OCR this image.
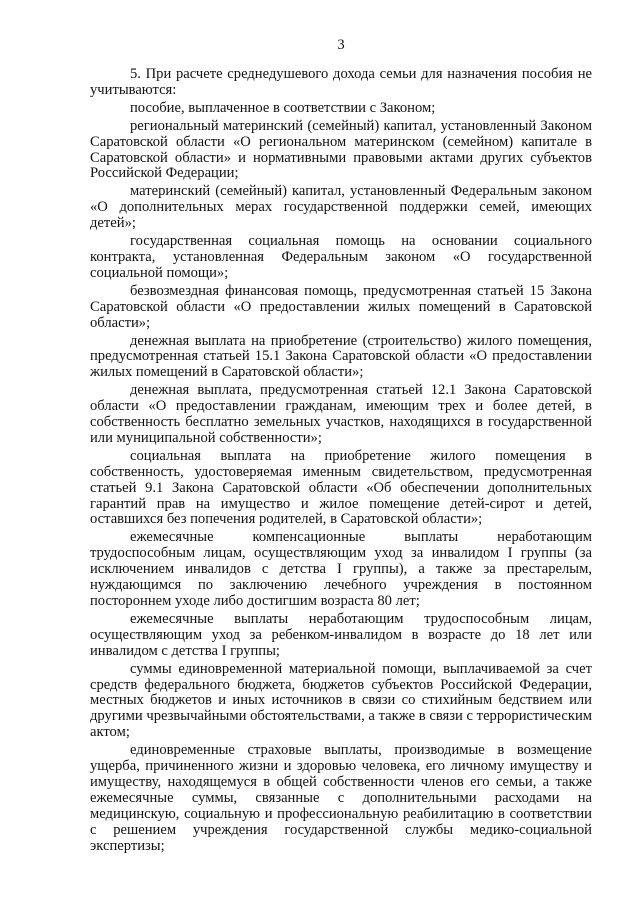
3

5. При расчете среднедушевого дохода семьи для назначения пособия не учитываются:

пособие, выплаченное в соответствии с Законом;

региональный материнский (семейный) капитал, установленный Законом Саратовской области «О региональном материнском (семейном) капитале в Саратовской области» и нормативными правовыми актами других субъектов Российской Федерации;

материнский (семейный) капитал, установленный Федеральным законом «О дополнительных мерах государственной поддержки семей, имеющих детей»;

государственная социальная помощь на основании социального контракта, установленная Федеральным законом «О государственной социальной помощи»;

безвозмездная финансовая помощь, предусмотренная статьей 15 Закона Саратовской области «О предоставлении жилых помещений в Саратовской области»;

денежная выплата на приобретение (строительство) жилого помещения, предусмотренная статьей 15.1 Закона Саратовской области «О предоставлении жилых помещений в Саратовской области»;

денежная выплата, предусмотренная статьей 12.1 Закона Саратовской области «О предоставлении гражданам, имеющим трех и более детей, в собственность бесплатно земельных участков, находящихся в государственной или муниципальной собственности»;

социальная выплата на приобретение жилого помещения в собственность, удостоверяемая именным свидетельством, предусмотренная статьей 9.1 Закона Саратовской области «Об обеспечении дополнительных гарантий прав на имущество и жилое помещение детей-сирот и детей, оставшихся без попечения родителей, в Саратовской области»;

ежемесячные компенсационные выплаты неработающим трудоспособным лицам, осуществляющим уход за инвалидом I группы (за исключением инвалидов с детства I группы), а также за престарелым, нуждающимся по заключению лечебного учреждения в постоянном постороннем уходе либо достигшим возраста 80 лет;

ежемесячные выплаты неработающим трудоспособным лицам, осуществляющим уход за ребенком-инвалидом в возрасте до 18 лет или инвалидом с детства I группы;

суммы единовременной материальной помощи, выплачиваемой за счет средств федерального бюджета, бюджетов субъектов Российской Федерации, местных бюджетов и иных источников в связи со стихийным бедствием или другими чрезвычайными обстоятельствами, а также в связи с террористическим актом;

единовременные страховые выплаты, производимые в возмещение ущерба, причиненного жизни и здоровью человека, его личному имуществу и имуществу, находящемуся в общей собственности членов его семьи, а также ежемесячные суммы, связанные с дополнительными расходами на медицинскую, социальную и профессиональную реабилитацию в соответствии с решением учреждения государственной службы медико-социальной экспертизы;
